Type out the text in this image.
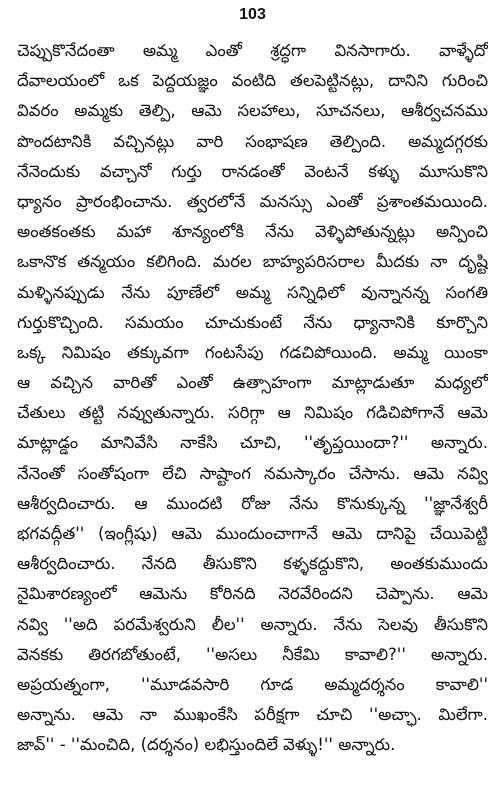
103
చెప్పుకొనేదంతా అమ్మ ఎంతో శ్రద్ధగా వినసాగారు. వాళ్ళేదో
దేవాలయంలో ఒక పెద్దయజ్ఞం వంటిది తలపెట్టినట్లు, దానిని గురించి
వివరం అమ్మకు తెల్పి, ఆమె సలహాలు, సూచనలు, ఆశీర్వచనము
పొందటానికి వచ్చినట్లు వారి సంభాషణ తెల్పింది. అమ్మదగ్గరకు
నేనెందుకు వచ్చానో గుర్తు రానడంతో వెంటనే కళ్ళు మూసుకొని
ధ్యానం ప్రారంభించాను. త్వరలోనే మనస్సు ఎంతో ప్రశాంతమయింది.
అంతకంతకు మహా శూన్యంలోకి నేను వెళ్ళిపోతున్నట్లు అన్పించి
ఒకానొక తన్మయం కలిగింది. మరల బాహ్యపరిసరాల మీదకు నా దృష్టి
మళ్ళినప్పుడు నేను పూణేలో అమ్మ సన్నిధిలో వున్నానన్న సంగతి
గుర్తుకొచ్చింది. సమయం చూచుకుంటే నేను ధ్యానానికి కూర్చొని
ఒక్క నిమిషం తక్కువగా గంటసేపు గడచిపోయింది. అమ్మ యింకా
ఆ వచ్చిన వారితో ఎంతో ఉత్సాహంగా మాట్లాడుతూ మధ్యలో
చేతులు తట్టి నవ్వుతున్నారు. సరిగ్గా ఆ నిమిషం గడిచిపోగానే ఆమె
మాట్లాడ్డం మానివేసి నాకేసి చూచి, ''తృప్తయిందా?'' అన్నారు.
నేనెంతో సంతోషంగా లేచి సాష్టాంగ నమస్కారం చేసాను. ఆమె నవ్వి
ఆశీర్వదించారు. ఆ ముందటి రోజు నేను కొనుక్కున్న ''జ్ఞానేశ్వరీ
భగవద్గీత'' (ఇంగ్లీషు) ఆమె ముందుంచాగానే ఆమె దానిపై చేయిపెట్టి
ఆశీర్వదించారు. నేనది తీసుకొని కళ్ళకద్దుకొని, అంతకుముందు
నైమిశారణ్యంలో ఆమెను కోరినది నెరవేరిందని చెప్పాను. ఆమె
నవ్వి ''అది పరమేశ్వరుని లీల'' అన్నారు. నేను సెలవు తీసుకొని
వెనకకు తిరగబోతుంటే, ''అసలు నీకేమి కావాలి?'' అన్నారు.
అప్రయత్నంగా, ''మూడవసారి గూడ అమ్మదర్శనం కావాలి''
అన్నాను. ఆమె నా ముఖంకేసి పరీక్షగా చూచి ''అచ్ఛా. మిలేగా.
జావ్'' - ''మంచిది, (దర్శనం) లభిస్తుందిలే వెళ్ళు!'' అన్నారు.
